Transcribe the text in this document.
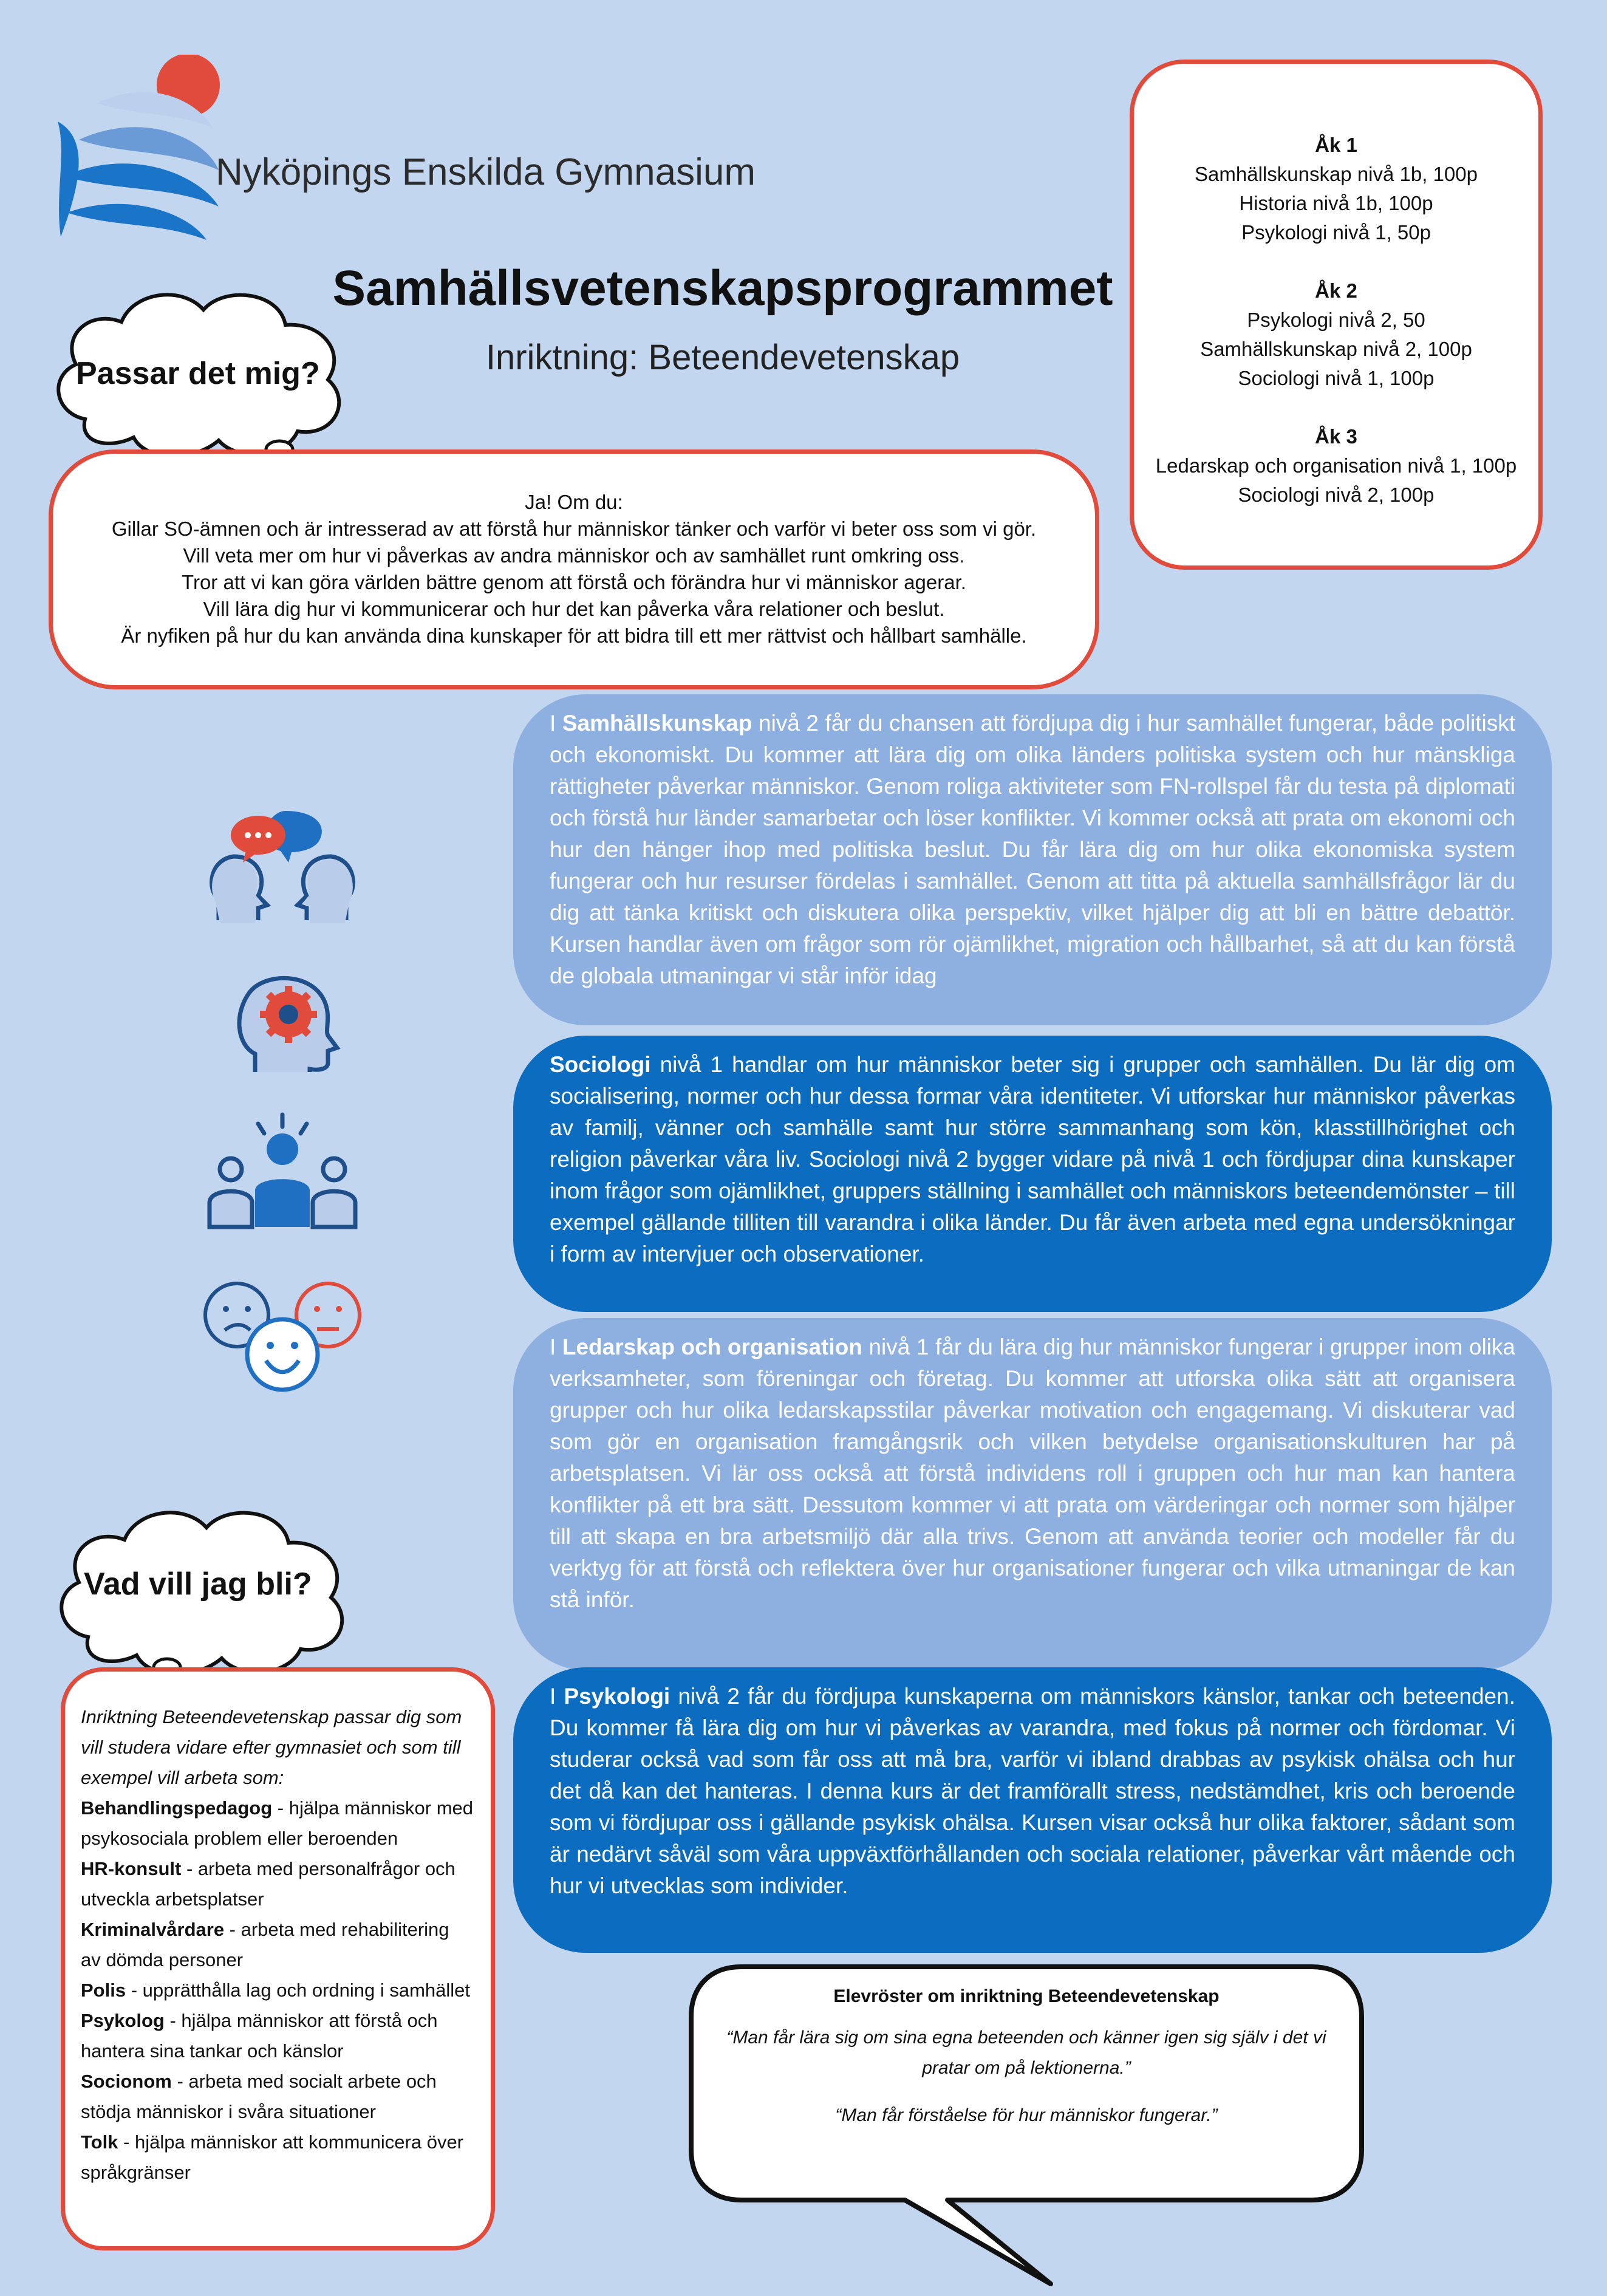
Nyköpings Enskilda Gymnasium
Samhällsvetenskapsprogrammet
Inriktning: Beteendevetenskap
Åk 1
Samhällskunskap nivå 1b, 100p
Historia nivå 1b, 100p
Psykologi nivå 1, 50p
Åk 2
Psykologi nivå 2, 50
Samhällskunskap nivå 2, 100p
Sociologi nivå 1, 100p
Åk 3
Ledarskap och organisation nivå 1, 100p
Sociologi nivå 2, 100p
Passar det mig?
Ja! Om du:
Gillar SO-ämnen och är intresserad av att förstå hur människor tänker och varför vi beter oss som vi gör.
Vill veta mer om hur vi påverkas av andra människor och av samhället runt omkring oss.
Tror att vi kan göra världen bättre genom att förstå och förändra hur vi människor agerar.
Vill lära dig hur vi kommunicerar och hur det kan påverka våra relationer och beslut.
Är nyfiken på hur du kan använda dina kunskaper för att bidra till ett mer rättvist och hållbart samhälle.
I Samhällskunskap nivå 2 får du chansen att fördjupa dig i hur samhället fungerar, både politiskt och ekonomiskt. Du kommer att lära dig om olika länders politiska system och hur mänskliga rättigheter påverkar människor. Genom roliga aktiviteter som FN-rollspel får du testa på diplomati och förstå hur länder samarbetar och löser konflikter. Vi kommer också att prata om ekonomi och hur den hänger ihop med politiska beslut. Du får lära dig om hur olika ekonomiska system fungerar och hur resurser fördelas i samhället. Genom att titta på aktuella samhällsfrågor lär du dig att tänka kritiskt och diskutera olika perspektiv, vilket hjälper dig att bli en bättre debattör. Kursen handlar även om frågor som rör ojämlikhet, migration och hållbarhet, så att du kan förstå de globala utmaningar vi står inför idag
Sociologi nivå 1 handlar om hur människor beter sig i grupper och samhällen. Du lär dig om socialisering, normer och hur dessa formar våra identiteter. Vi utforskar hur människor påverkas av familj, vänner och samhälle samt hur större sammanhang som kön, klasstillhörighet och religion påverkar våra liv. Sociologi nivå 2 bygger vidare på nivå 1 och fördjupar dina kunskaper inom frågor som ojämlikhet, gruppers ställning i samhället och människors beteendemönster – till exempel gällande tilliten till varandra i olika länder. Du får även arbeta med egna undersökningar i form av intervjuer och observationer.
I Ledarskap och organisation nivå 1 får du lära dig hur människor fungerar i grupper inom olika verksamheter, som föreningar och företag. Du kommer att utforska olika sätt att organisera grupper och hur olika ledarskapsstilar påverkar motivation och engagemang. Vi diskuterar vad som gör en organisation framgångsrik och vilken betydelse organisationskulturen har på arbetsplatsen. Vi lär oss också att förstå individens roll i gruppen och hur man kan hantera konflikter på ett bra sätt. Dessutom kommer vi att prata om värderingar och normer som hjälper till att skapa en bra arbetsmiljö där alla trivs. Genom att använda teorier och modeller får du verktyg för att förstå och reflektera över hur organisationer fungerar och vilka utmaningar de kan stå inför.
I Psykologi nivå 2 får du fördjupa kunskaperna om människors känslor, tankar och beteenden. Du kommer få lära dig om hur vi påverkas av varandra, med fokus på normer och fördomar. Vi studerar också vad som får oss att må bra, varför vi ibland drabbas av psykisk ohälsa och hur det då kan det hanteras. I denna kurs är det framförallt stress, nedstämdhet, kris och beroende som vi fördjupar oss i gällande psykisk ohälsa. Kursen visar också hur olika faktorer, sådant som är nedärvt såväl som våra uppväxtförhållanden och sociala relationer, påverkar vårt mående och hur vi utvecklas som individer.
Vad vill jag bli?
Inriktning Beteendevetenskap passar dig som vill studera vidare efter gymnasiet och som till exempel vill arbeta som:
Behandlingspedagog - hjälpa människor med psykosociala problem eller beroenden
HR-konsult - arbeta med personalfrågor och utveckla arbetsplatser
Kriminalvårdare - arbeta med rehabilitering av dömda personer
Polis - upprätthålla lag och ordning i samhället
Psykolog - hjälpa människor att förstå och hantera sina tankar och känslor
Socionom - arbeta med socialt arbete och stödja människor i svåra situationer
Tolk - hjälpa människor att kommunicera över språkgränser
Elevröster om inriktning Beteendevetenskap
“Man får lära sig om sina egna beteenden och känner igen sig själv i det vi pratar om på lektionerna.”
“Man får förståelse för hur människor fungerar.”
